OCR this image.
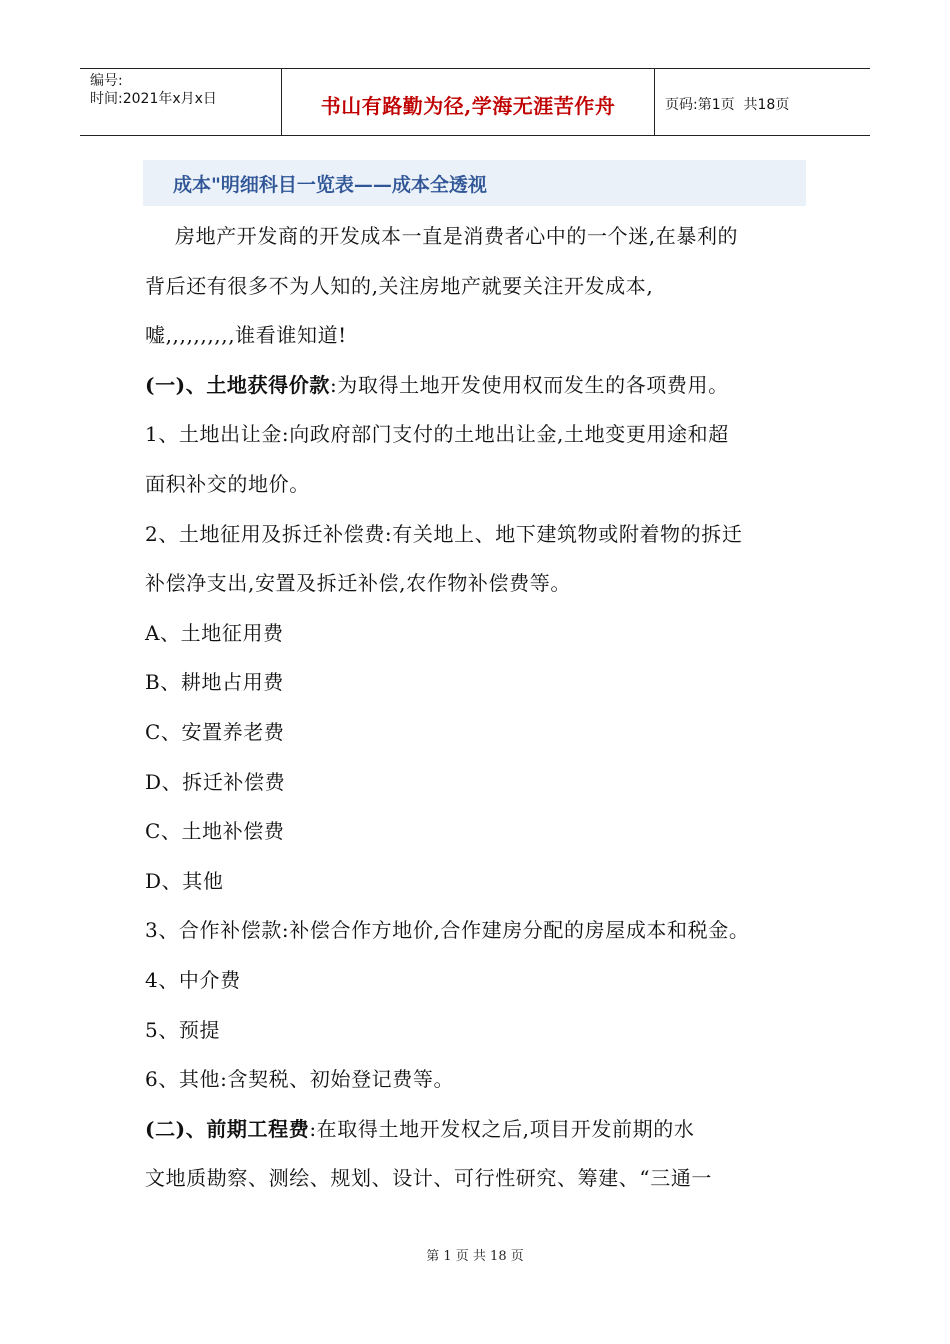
编号:
时间:2021年x月x日	书山有路勤为径,学海无涯苦作舟	页码:第1页  共18页
成本"明细科目一览表——成本全透视
房地产开发商的开发成本一直是消费者心中的一个迷,在暴利的
背后还有很多不为人知的,关注房地产就要关注开发成本,
嘘,,,,,,,,,,谁看谁知道!
(一)、土地获得价款:为取得土地开发使用权而发生的各项费用。
1、土地出让金:向政府部门支付的土地出让金,土地变更用途和超
面积补交的地价。
2、土地征用及拆迁补偿费:有关地上、地下建筑物或附着物的拆迁
补偿净支出,安置及拆迁补偿,农作物补偿费等。
A、土地征用费
B、耕地占用费
C、安置养老费
D、拆迁补偿费
C、土地补偿费
D、其他
3、合作补偿款:补偿合作方地价,合作建房分配的房屋成本和税金。
4、中介费
5、预提
6、其他:含契税、初始登记费等。
(二)、前期工程费:在取得土地开发权之后,项目开发前期的水
文地质勘察、测绘、规划、设计、可行性研究、筹建、“三通一
第 1 页 共 18 页
